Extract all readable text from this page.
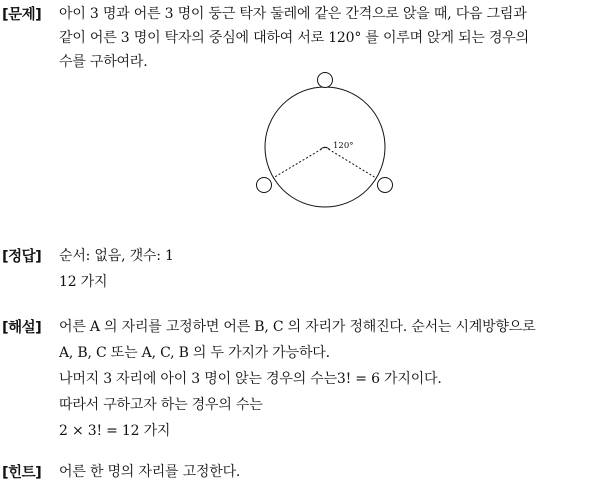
[문제] 아이 3 명과 어른 3 명이 둥근 탁자 둘레에 같은 간격으로 앉을 때, 다음 그림과
같이 어른 3 명이 탁자의 중심에 대하여 서로 120° 를 이루며 앉게 되는 경우의
수를 구하여라.
120°
[정답] 순서: 없음, 갯수: 1
12 가지
[해설] 어른 A 의 자리를 고정하면 어른 B, C 의 자리가 정해진다. 순서는 시계방향으로
A, B, C 또는 A, C, B 의 두 가지가 가능하다.
나머지 3 자리에 아이 3 명이 앉는 경우의 수는3! = 6 가지이다.
따라서 구하고자 하는 경우의 수는
2 × 3! = 12 가지
[힌트] 어른 한 명의 자리를 고정한다.
